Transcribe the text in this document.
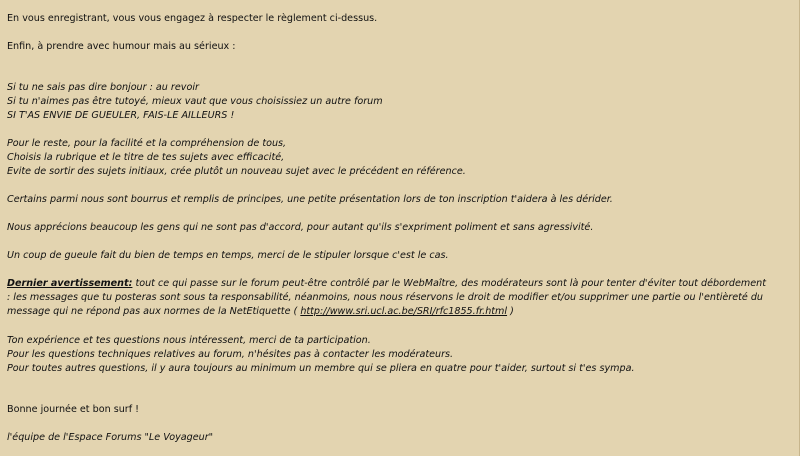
En vous enregistrant, vous vous engagez à respecter le règlement ci-dessus.
Enfin, à prendre avec humour mais au sérieux :
Si tu ne sais pas dire bonjour : au revoir
Si tu n'aimes pas être tutoyé, mieux vaut que vous choisissiez un autre forum
SI T'AS ENVIE DE GUEULER, FAIS-LE AILLEURS !
Pour le reste, pour la facilité et la compréhension de tous,
Choisis la rubrique et le titre de tes sujets avec efficacité,
Evite de sortir des sujets initiaux, crée plutôt un nouveau sujet avec le précédent en référence.
Certains parmi nous sont bourrus et remplis de principes, une petite présentation lors de ton inscription t'aidera à les dérider.
Nous apprécions beaucoup les gens qui ne sont pas d'accord, pour autant qu'ils s'expriment poliment et sans agressivité.
Un coup de gueule fait du bien de temps en temps, merci de le stipuler lorsque c'est le cas.
Dernier avertissement: tout ce qui passe sur le forum peut-être contrôlé par le WebMaître, des modérateurs sont là pour tenter d'éviter tout débordement
: les messages que tu posteras sont sous ta responsabilité, néanmoins, nous nous réservons le droit de modifier et/ou supprimer une partie ou l'entièreté du
message qui ne répond pas aux normes de la NetEtiquette ( http://www.sri.ucl.ac.be/SRI/rfc1855.fr.html )
Ton expérience et tes questions nous intéressent, merci de ta participation.
Pour les questions techniques relatives au forum, n'hésites pas à contacter les modérateurs.
Pour toutes autres questions, il y aura toujours au minimum un membre qui se pliera en quatre pour t'aider, surtout si t'es sympa.
Bonne journée et bon surf !
l'équipe de l'Espace Forums "Le Voyageur"
